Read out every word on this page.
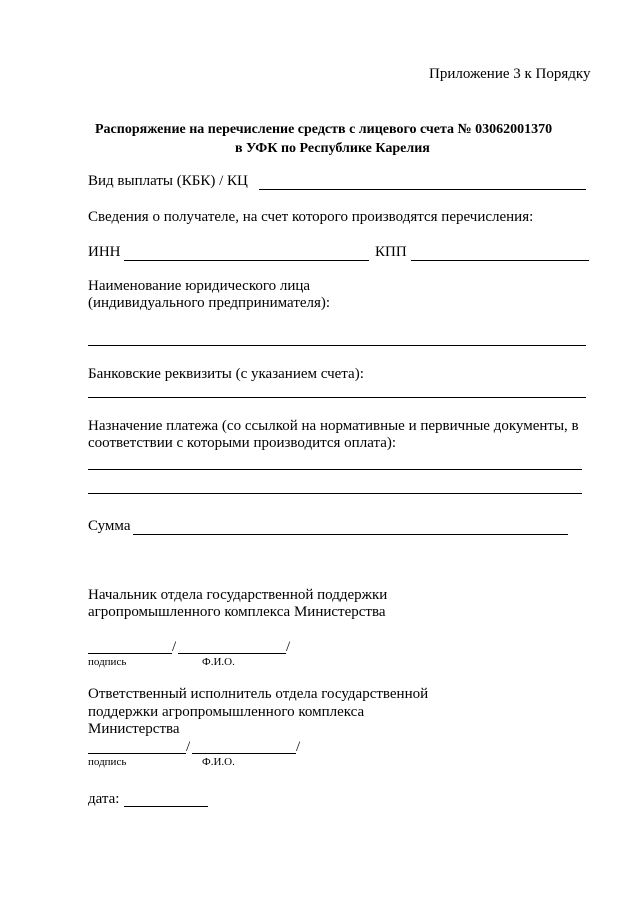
Приложение 3 к Порядку
Распоряжение на перечисление средств с лицевого счета № 03062001370
в УФК по Республике Карелия
Вид выплаты (КБК) / КЦ
Сведения о получателе, на счет которого производятся перечисления:
ИНН	КПП
Наименование юридического лица
(индивидуального предпринимателя):
Банковские реквизиты (с указанием счета):
Назначение платежа (со ссылкой на нормативные и первичные документы, в
соответствии с которыми производится оплата):
Сумма
Начальник отдела государственной поддержки
агропромышленного комплекса Министерства
/	/
подпись	Ф.И.О.
Ответственный исполнитель отдела государственной
поддержки агропромышленного комплекса
Министерства
/	/
подпись	Ф.И.О.
дата:
